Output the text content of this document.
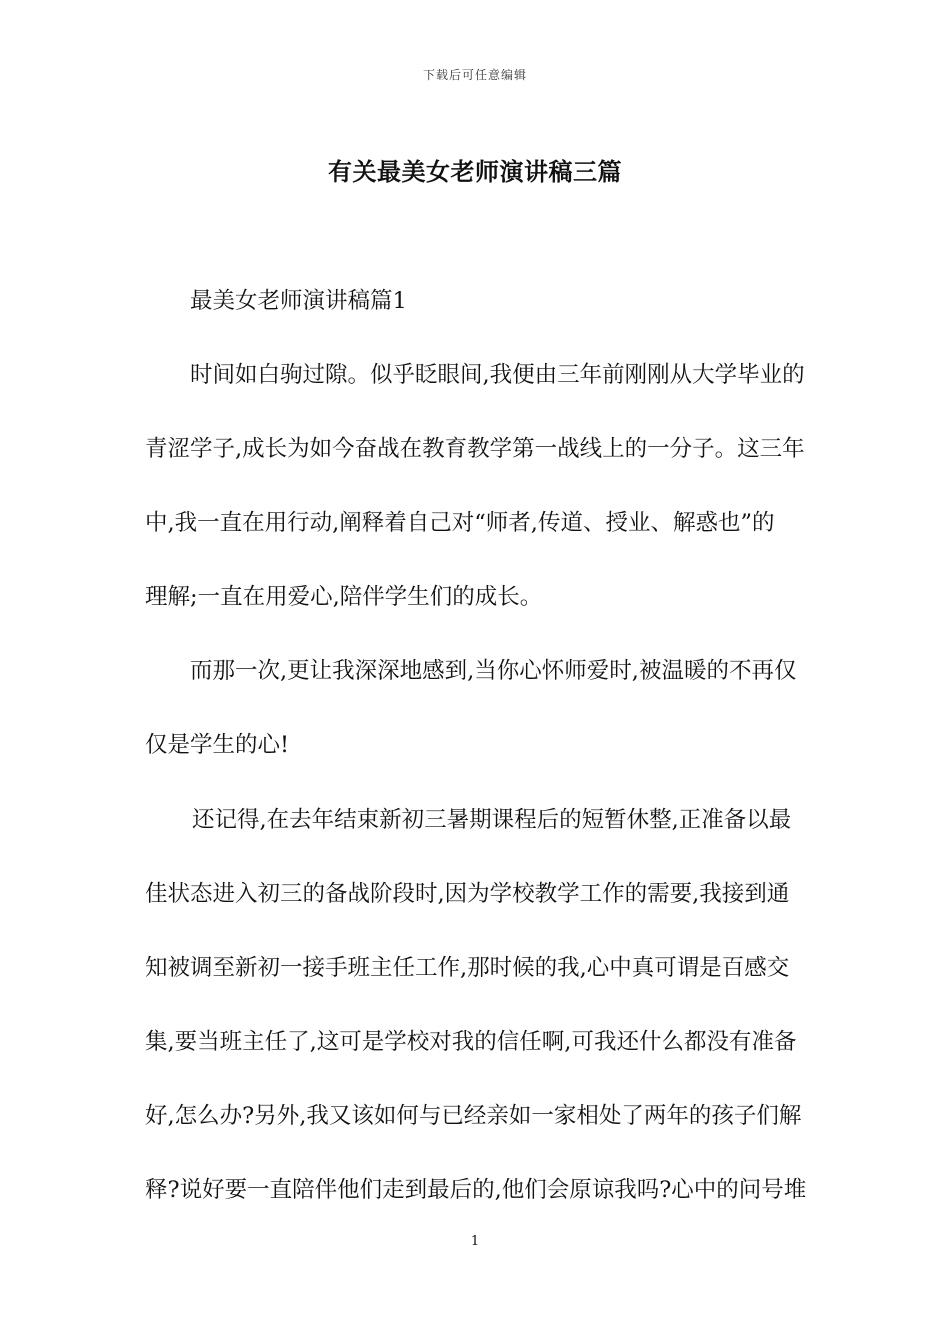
下载后可任意编辑
有关最美女老师演讲稿三篇
最美女老师演讲稿篇1
时间如白驹过隙。似乎眨眼间,我便由三年前刚刚从大学毕业的
青涩学子,成长为如今奋战在教育教学第一战线上的一分子。这三年
中,我一直在用行动,阐释着自己对“师者,传道、授业、解惑也”的
理解;一直在用爱心,陪伴学生们的成长。
而那一次,更让我深深地感到,当你心怀师爱时,被温暖的不再仅
仅是学生的心!
还记得,在去年结束新初三暑期课程后的短暂休整,正准备以最
佳状态进入初三的备战阶段时,因为学校教学工作的需要,我接到通
知被调至新初一接手班主任工作,那时候的我,心中真可谓是百感交
集,要当班主任了,这可是学校对我的信任啊,可我还什么都没有准备
好,怎么办?另外,我又该如何与已经亲如一家相处了两年的孩子们解
释?说好要一直陪伴他们走到最后的,他们会原谅我吗?心中的问号堆
1
